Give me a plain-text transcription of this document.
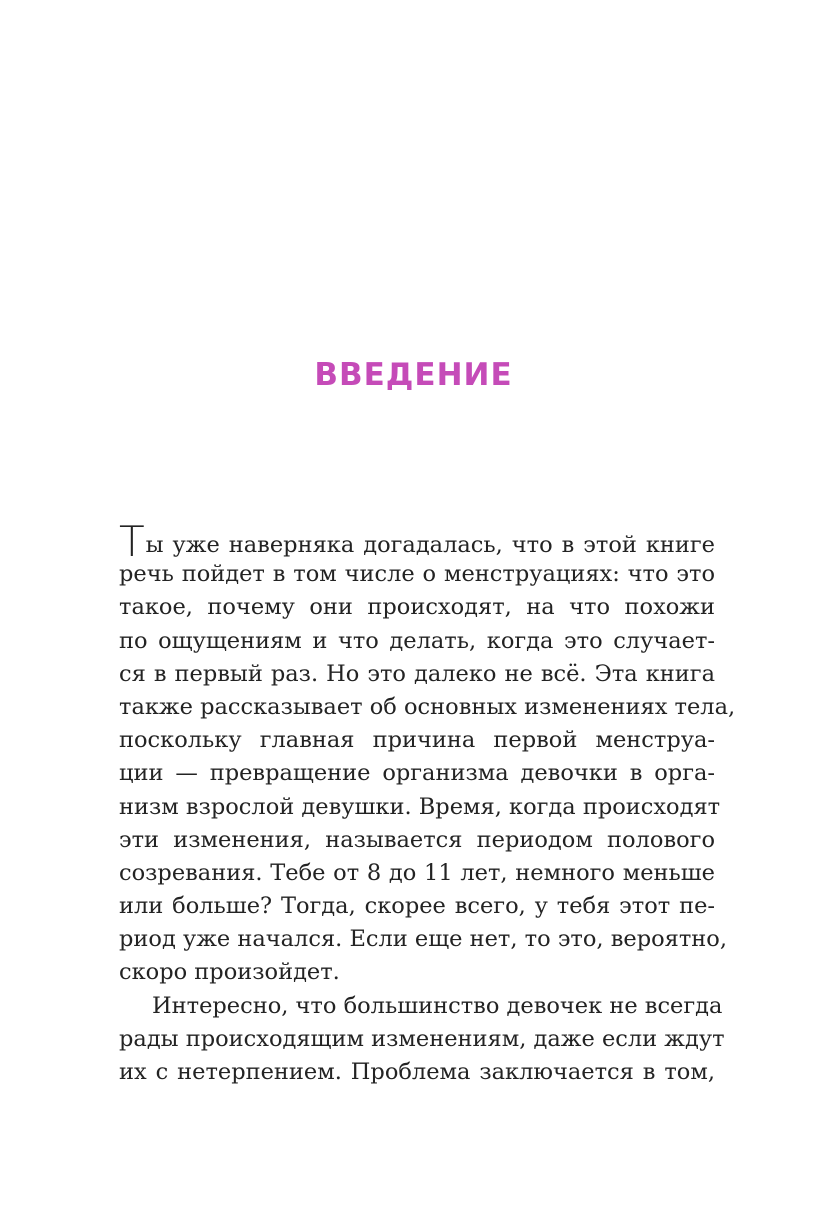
ВВЕДЕНИЕ
Ты уже наверняка догадалась, что в этой книге
речь пойдет в том числе о менструациях: что это
такое, почему они происходят, на что похожи
по ощущениям и что делать, когда это случает-
ся в первый раз. Но это далеко не всё. Эта книга
также рассказывает об основных изменениях тела,
поскольку главная причина первой менструа-
ции — превращение организма девочки в орга-
низм взрослой девушки. Время, когда происходят
эти изменения, называется периодом полового
созревания. Тебе от 8 до 11 лет, немного меньше
или больше? Тогда, скорее всего, у тебя этот пе-
риод уже начался. Если еще нет, то это, вероятно,
скоро произойдет.
Интересно, что большинство девочек не всегда
рады происходящим изменениям, даже если ждут
их с нетерпением. Проблема заключается в том,
